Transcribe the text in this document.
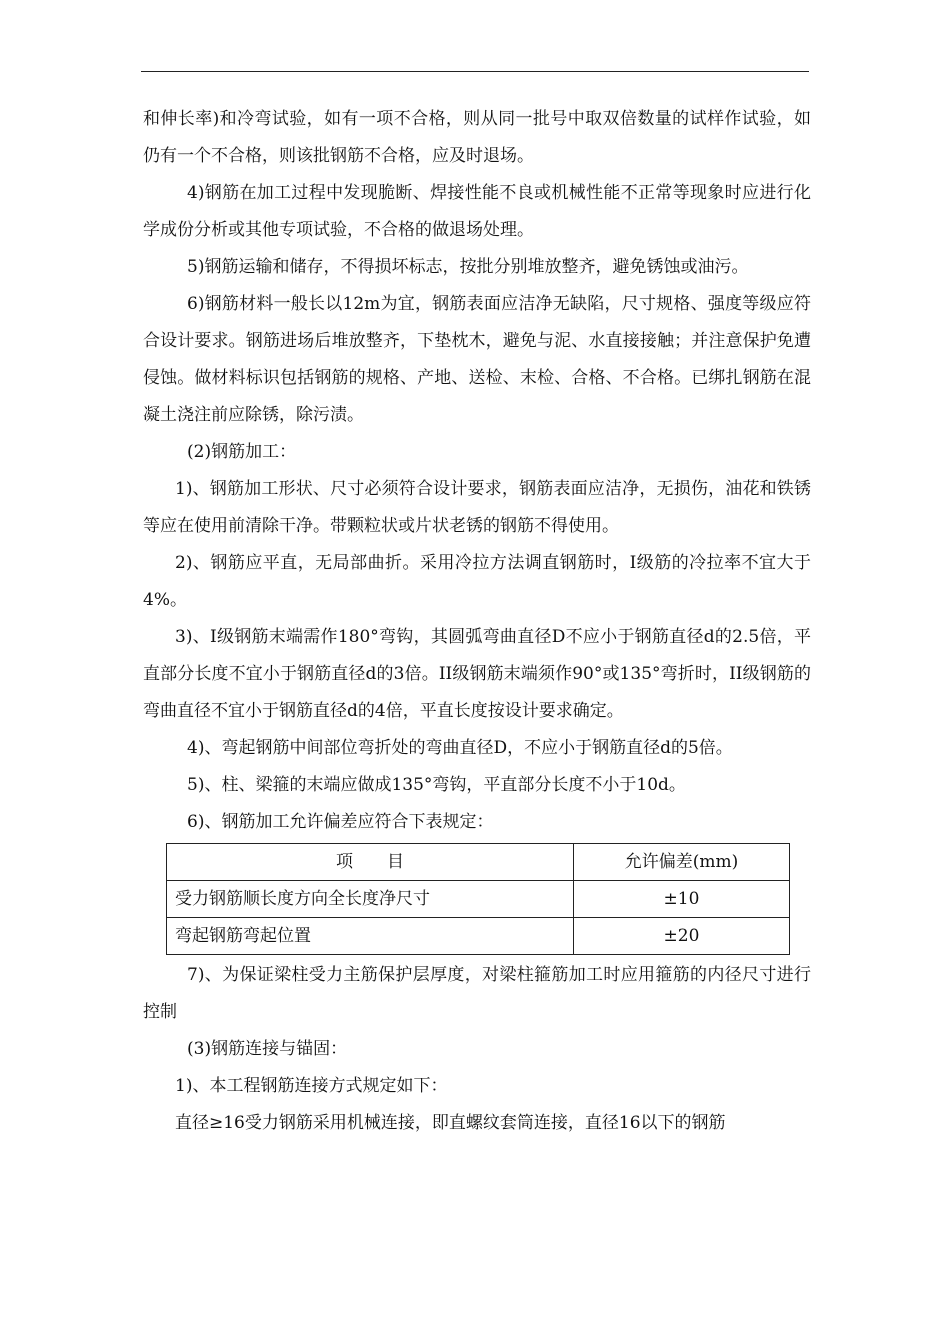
和伸长率)和冷弯试验，如有一项不合格，则从同一批号中取双倍数量的试样作试验，如仍有一个不合格，则该批钢筋不合格，应及时退场。

4)钢筋在加工过程中发现脆断、焊接性能不良或机械性能不正常等现象时应进行化学成份分析或其他专项试验，不合格的做退场处理。

5)钢筋运输和储存，不得损坏标志，按批分别堆放整齐，避免锈蚀或油污。

6)钢筋材料一般长以12m为宜，钢筋表面应洁净无缺陷，尺寸规格、强度等级应符合设计要求。钢筋进场后堆放整齐，下垫枕木，避免与泥、水直接接触；并注意保护免遭侵蚀。做材料标识包括钢筋的规格、产地、送检、末检、合格、不合格。已绑扎钢筋在混凝土浇注前应除锈，除污渍。

(2)钢筋加工：

1)、钢筋加工形状、尺寸必须符合设计要求，钢筋表面应洁净，无损伤，油花和铁锈等应在使用前清除干净。带颗粒状或片状老锈的钢筋不得使用。

2)、钢筋应平直，无局部曲折。采用冷拉方法调直钢筋时，I级筋的冷拉率不宜大于4%。

3)、I级钢筋末端需作180°弯钩，其圆弧弯曲直径D不应小于钢筋直径d的2.5倍，平直部分长度不宜小于钢筋直径d的3倍。II级钢筋末端须作90°或135°弯折时，II级钢筋的弯曲直径不宜小于钢筋直径d的4倍，平直长度按设计要求确定。

4)、弯起钢筋中间部位弯折处的弯曲直径D，不应小于钢筋直径d的5倍。

5)、柱、梁箍的末端应做成135°弯钩，平直部分长度不小于10d。

6)、钢筋加工允许偏差应符合下表规定：

项　　目	允许偏差(mm)
受力钢筋顺长度方向全长度净尺寸	±10
弯起钢筋弯起位置	±20

7)、为保证梁柱受力主筋保护层厚度，对梁柱箍筋加工时应用箍筋的内径尺寸进行控制

(3)钢筋连接与锚固：

1)、本工程钢筋连接方式规定如下：

直径≥16受力钢筋采用机械连接，即直螺纹套筒连接，直径16以下的钢筋
